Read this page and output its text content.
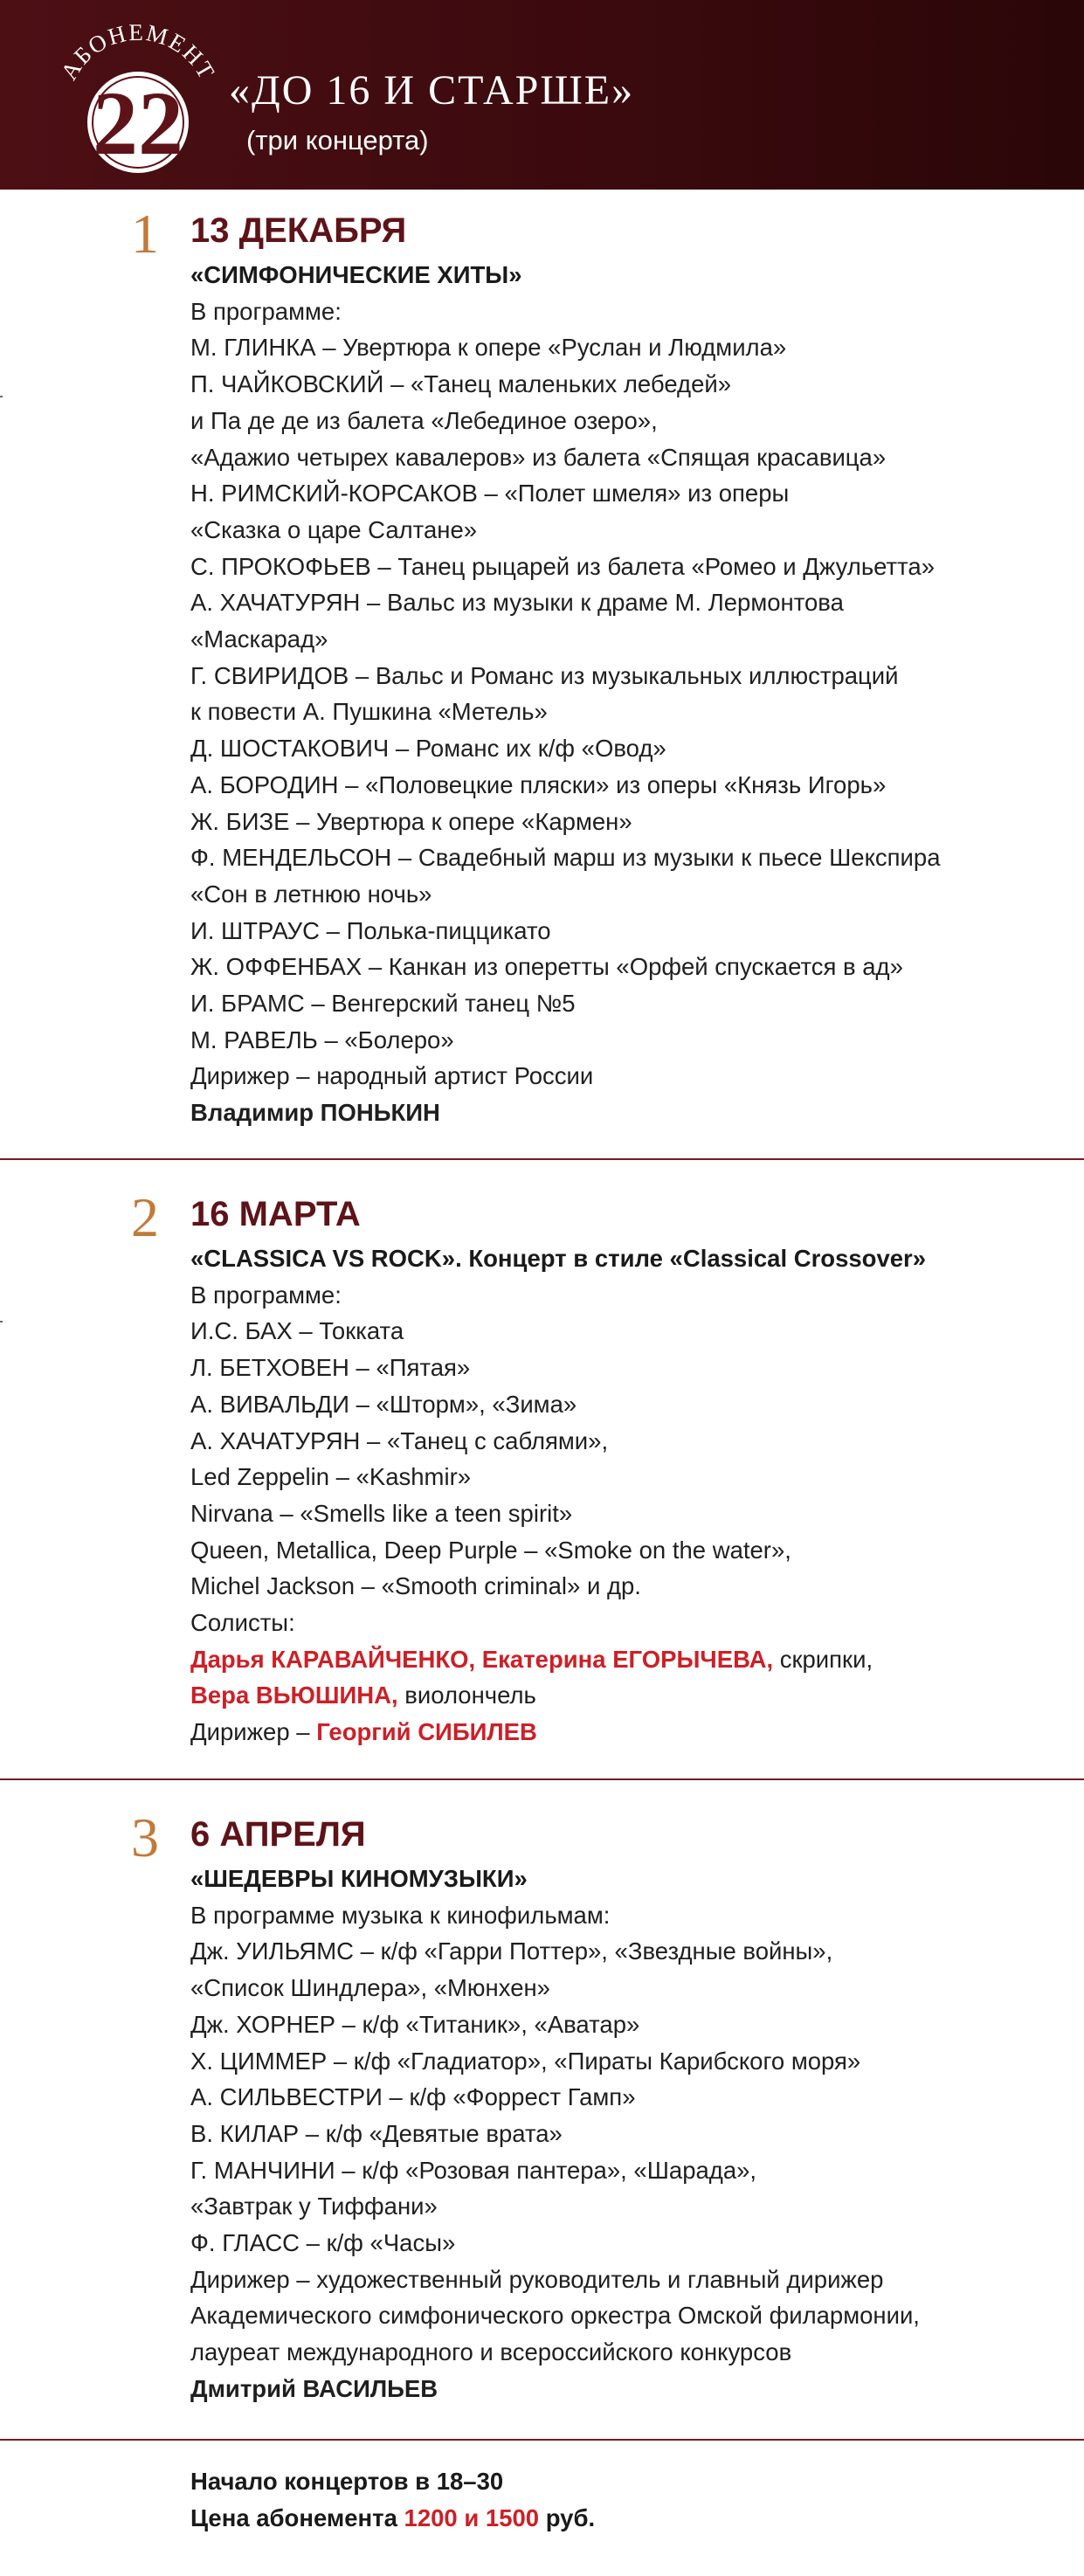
АБОНЕМЕНТ
22 «ДО 16 И СТАРШЕ»
(три концерта)
1 13 ДЕКАБРЯ
«СИМФОНИЧЕСКИЕ ХИТЫ»
В программе:
М. ГЛИНКА – Увертюра к опере «Руслан и Людмила»
П. ЧАЙКОВСКИЙ – «Танец маленьких лебедей»
и Па де де из балета «Лебединое озеро»,
«Адажио четырех кавалеров» из балета «Спящая красавица»
Н. РИМСКИЙ-КОРСАКОВ – «Полет шмеля» из оперы
«Сказка о царе Салтане»
С. ПРОКОФЬЕВ – Танец рыцарей из балета «Ромео и Джульетта»
А. ХАЧАТУРЯН – Вальс из музыки к драме М. Лермонтова
«Маскарад»
Г. СВИРИДОВ – Вальс и Романс из музыкальных иллюстраций
к повести А. Пушкина «Метель»
Д. ШОСТАКОВИЧ – Романс их к/ф «Овод»
А. БОРОДИН – «Половецкие пляски» из оперы «Князь Игорь»
Ж. БИЗЕ – Увертюра к опере «Кармен»
Ф. МЕНДЕЛЬСОН – Свадебный марш из музыки к пьесе Шекспира
«Сон в летнюю ночь»
И. ШТРАУС – Полька-пиццикато
Ж. ОФФЕНБАХ – Канкан из оперетты «Орфей спускается в ад»
И. БРАМС – Венгерский танец №5
М. РАВЕЛЬ – «Болеро»
Дирижер – народный артист России
Владимир ПОНЬКИН
2 16 МАРТА
«CLASSICA VS ROCK». Концерт в стиле «Classical Crossover»
В программе:
И.С. БАХ – Токката
Л. БЕТХОВЕН – «Пятая»
А. ВИВАЛЬДИ – «Шторм», «Зима»
А. ХАЧАТУРЯН – «Танец с саблями»,
Led Zeppelin – «Kashmir»
Nirvana – «Smells like a teen spirit»
Queen, Metallica, Deep Purple – «Smoke on the water»,
Michel Jackson – «Smooth criminal» и др.
Солисты:
Дарья КАРАВАЙЧЕНКО, Екатерина ЕГОРЫЧЕВА, скрипки,
Вера ВЬЮШИНА, виолончель
Дирижер – Георгий СИБИЛЕВ
3 6 АПРЕЛЯ
«ШЕДЕВРЫ КИНОМУЗЫКИ»
В программе музыка к кинофильмам:
Дж. УИЛЬЯМС – к/ф «Гарри Поттер», «Звездные войны»,
«Список Шиндлера», «Мюнхен»
Дж. ХОРНЕР – к/ф «Титаник», «Аватар»
Х. ЦИММЕР – к/ф «Гладиатор», «Пираты Карибского моря»
А. СИЛЬВЕСТРИ – к/ф «Форрест Гамп»
В. КИЛАР – к/ф «Девятые врата»
Г. МАНЧИНИ – к/ф «Розовая пантера», «Шарада»,
«Завтрак у Тиффани»
Ф. ГЛАСС – к/ф «Часы»
Дирижер – художественный руководитель и главный дирижер
Академического симфонического оркестра Омской филармонии,
лауреат международного и всероссийского конкурсов
Дмитрий ВАСИЛЬЕВ
Начало концертов в 18–30
Цена абонемента 1200 и 1500 руб.
